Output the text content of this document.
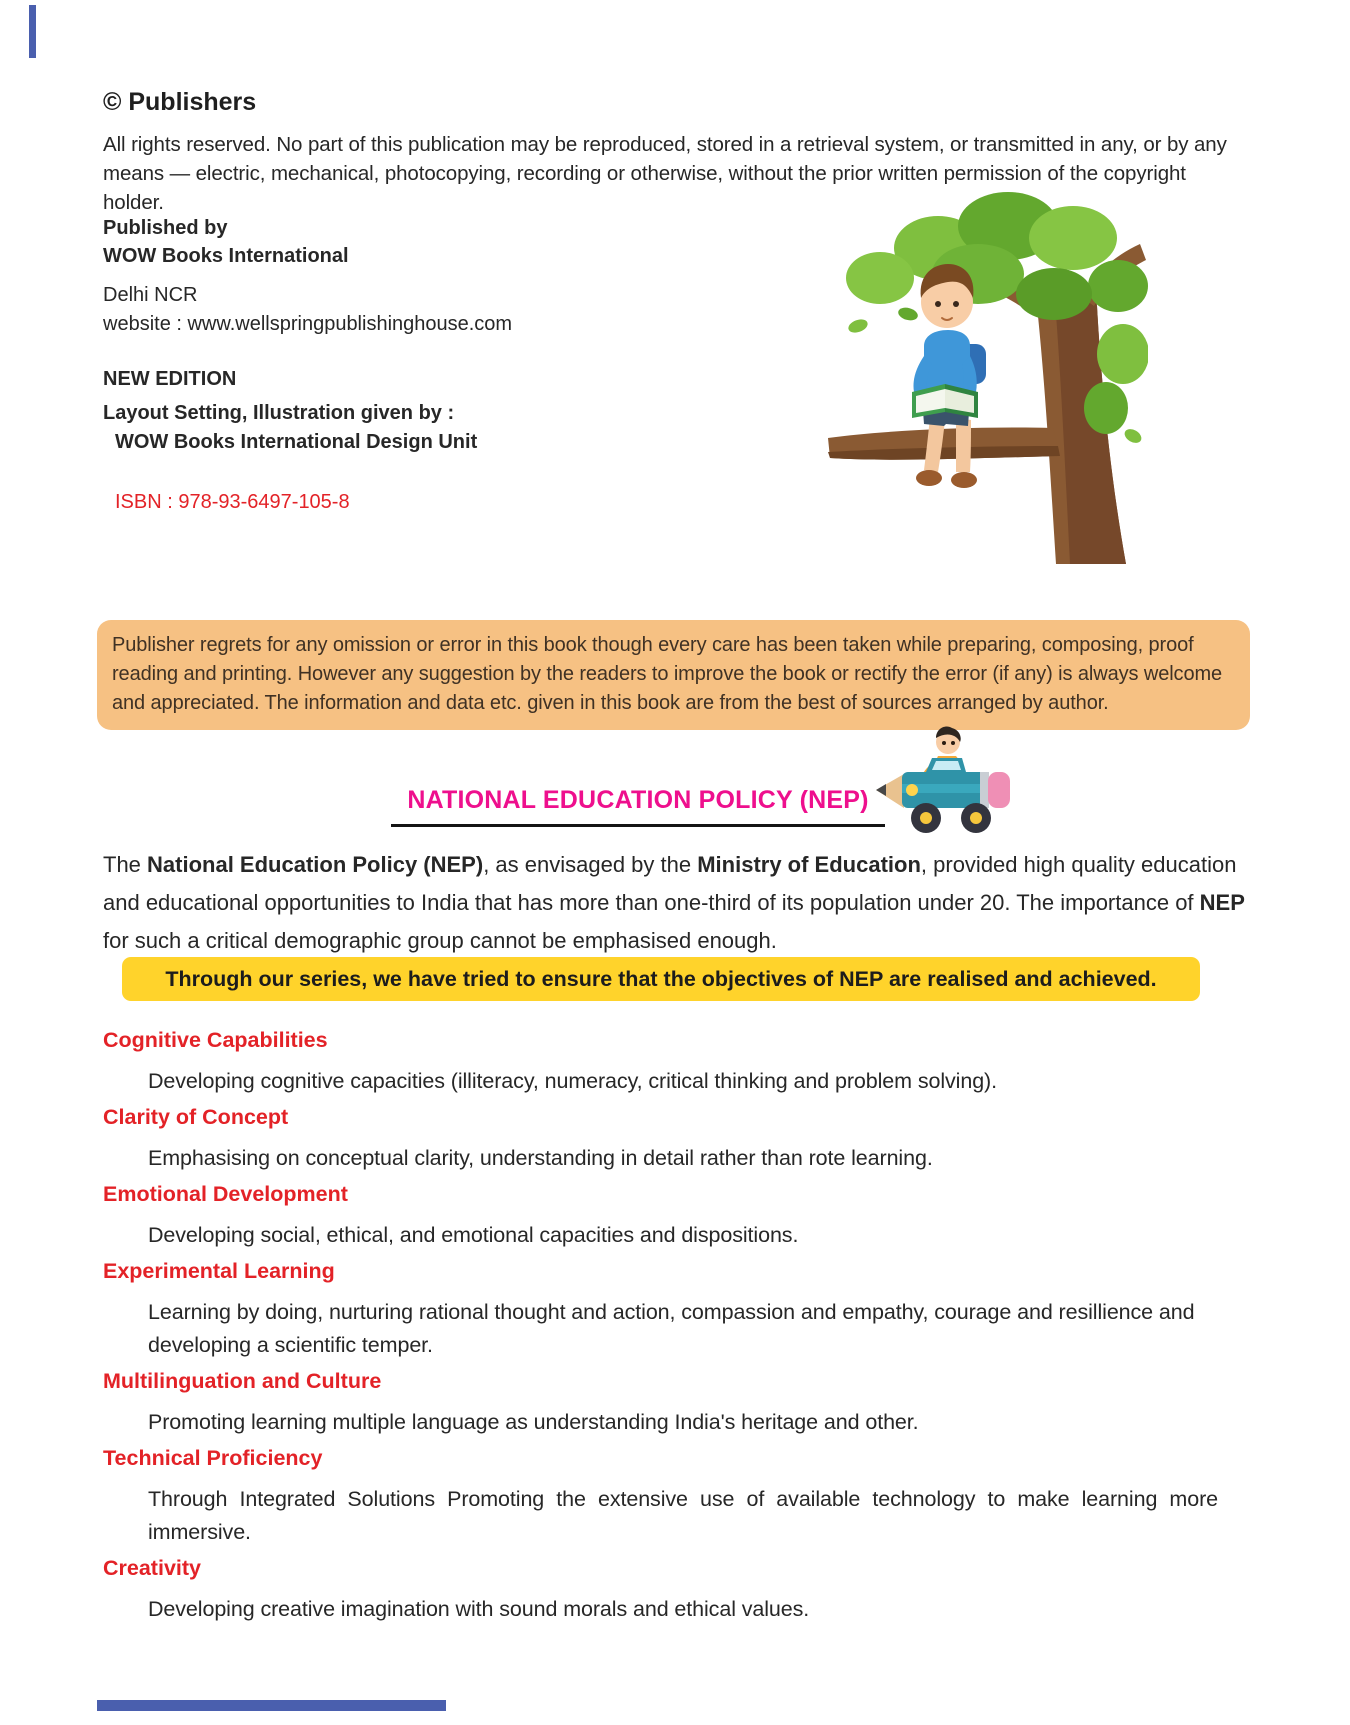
© Publishers
All rights reserved. No part of this publication may be reproduced, stored in a retrieval system, or transmitted in any, or by any means — electric, mechanical, photocopying, recording or otherwise, without the prior written permission of the copyright holder.
Published by
WOW Books International
Delhi NCR
website : www.wellspringpublishinghouse.com
NEW EDITION
Layout Setting, Illustration given by :
WOW Books International Design Unit
ISBN : 978-93-6497-105-8
Publisher regrets for any omission or error in this book though every care has been taken while preparing, composing, proof reading and printing. However any suggestion by the readers to improve the book or rectify the error (if any) is always welcome and appreciated. The information and data etc. given in this book are from the best of sources arranged by author.
NATIONAL EDUCATION POLICY (NEP)

The National Education Policy (NEP), as envisaged by the Ministry of Education, provided high quality education and educational opportunities to India that has more than one-third of its population under 20. The importance of NEP for such a critical demographic group cannot be emphasised enough.

Through our series, we have tried to ensure that the objectives of NEP are realised and achieved.
Cognitive Capabilities

Developing cognitive capacities (illiteracy, numeracy, critical thinking and problem solving).

Clarity of Concept

Emphasising on conceptual clarity, understanding in detail rather than rote learning.

Emotional Development

Developing social, ethical, and emotional capacities and dispositions.

Experimental Learning

Learning by doing, nurturing rational thought and action, compassion and empathy, courage and resillience and developing a scientific temper.

Multilinguation and Culture

Promoting learning multiple language as understanding India's heritage and other.

Technical Proficiency

Through Integrated Solutions Promoting the extensive use of available technology to make learning more immersive.

Creativity

Developing creative imagination with sound morals and ethical values.
